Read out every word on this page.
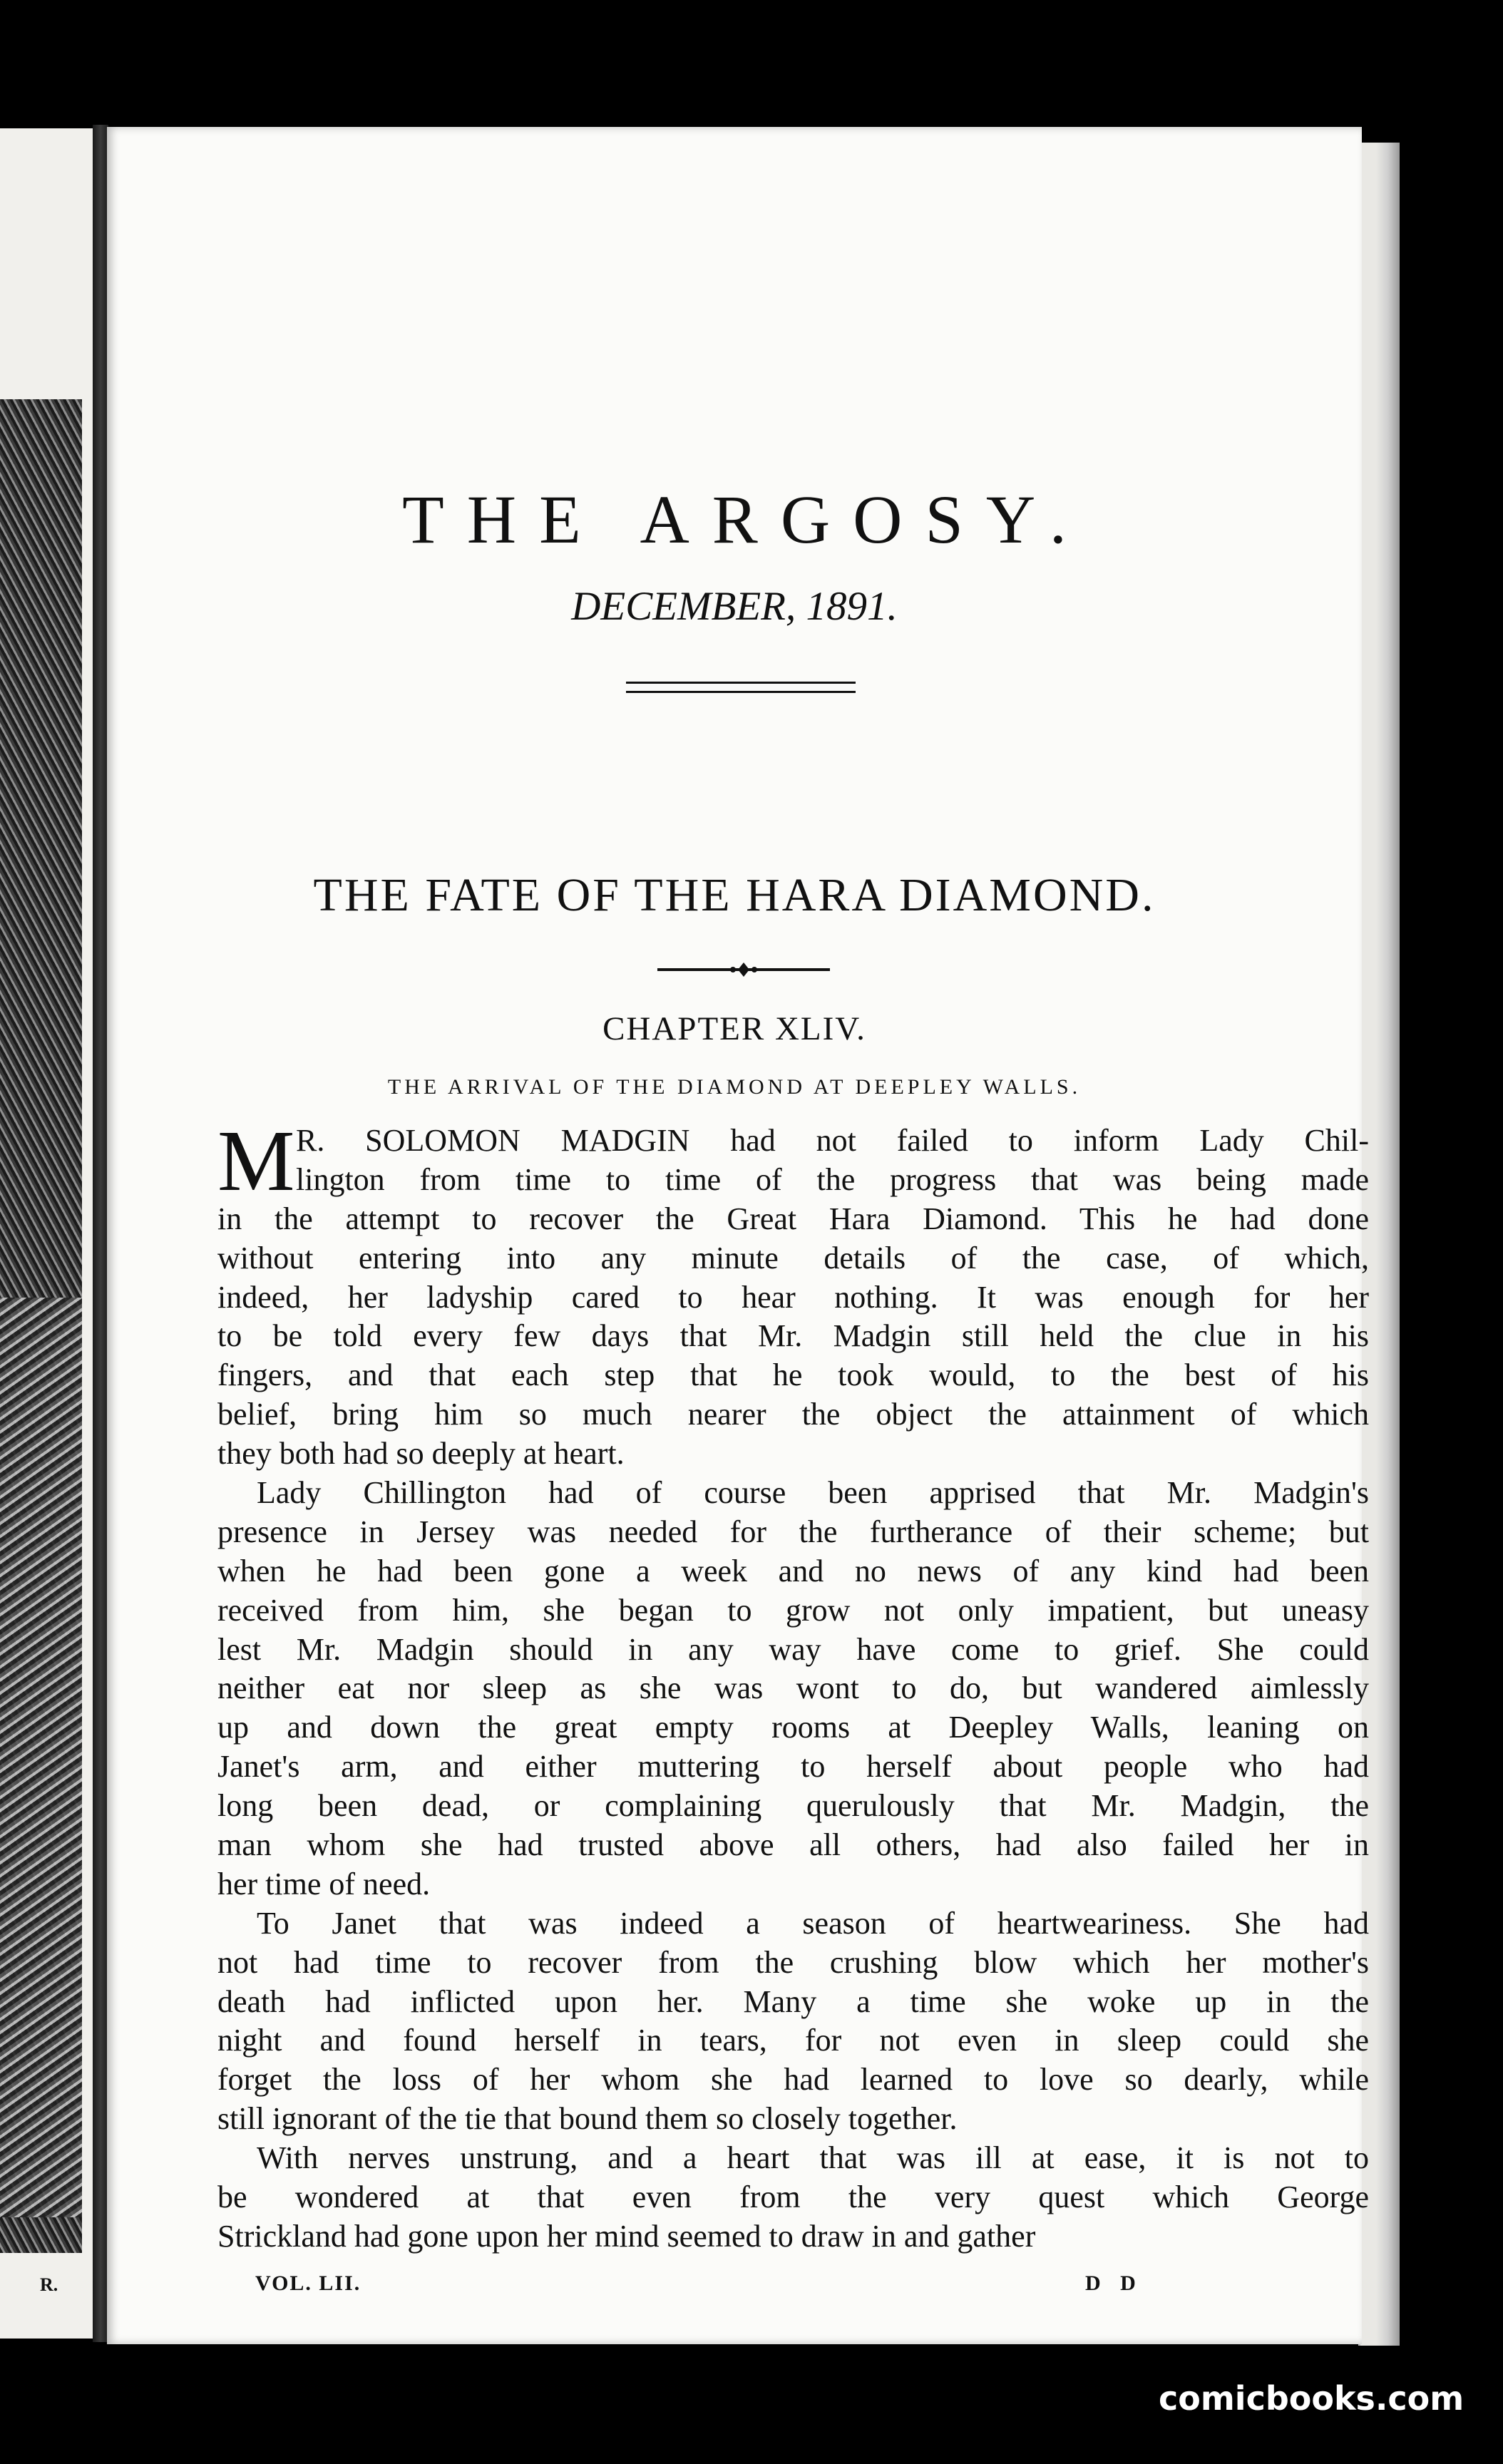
R.
THE ARGOSY.
DECEMBER, 1891.
THE FATE OF THE HARA DIAMOND.
CHAPTER XLIV.
THE ARRIVAL OF THE DIAMOND AT DEEPLEY WALLS.
M R. SOLOMON MADGIN had not failed to inform Lady Chil-
lington from time to time of the progress that was being made
in the attempt to recover the Great Hara Diamond. This he had done
without entering into any minute details of the case, of which,
indeed, her ladyship cared to hear nothing. It was enough for her
to be told every few days that Mr. Madgin still held the clue in his
fingers, and that each step that he took would, to the best of his
belief, bring him so much nearer the object the attainment of which
they both had so deeply at heart.
Lady Chillington had of course been apprised that Mr. Madgin's
presence in Jersey was needed for the furtherance of their scheme; but
when he had been gone a week and no news of any kind had been
received from him, she began to grow not only impatient, but uneasy
lest Mr. Madgin should in any way have come to grief. She could
neither eat nor sleep as she was wont to do, but wandered aimlessly
up and down the great empty rooms at Deepley Walls, leaning on
Janet's arm, and either muttering to herself about people who had
long been dead, or complaining querulously that Mr. Madgin, the
man whom she had trusted above all others, had also failed her in
her time of need.
To Janet that was indeed a season of heartweariness. She had
not had time to recover from the crushing blow which her mother's
death had inflicted upon her. Many a time she woke up in the
night and found herself in tears, for not even in sleep could she
forget the loss of her whom she had learned to love so dearly, while
still ignorant of the tie that bound them so closely together.
With nerves unstrung, and a heart that was ill at ease, it is not to
be wondered at that even from the very quest which George
Strickland had gone upon her mind seemed to draw in and gather
VOL. LII.	D D
comicbooks.com
